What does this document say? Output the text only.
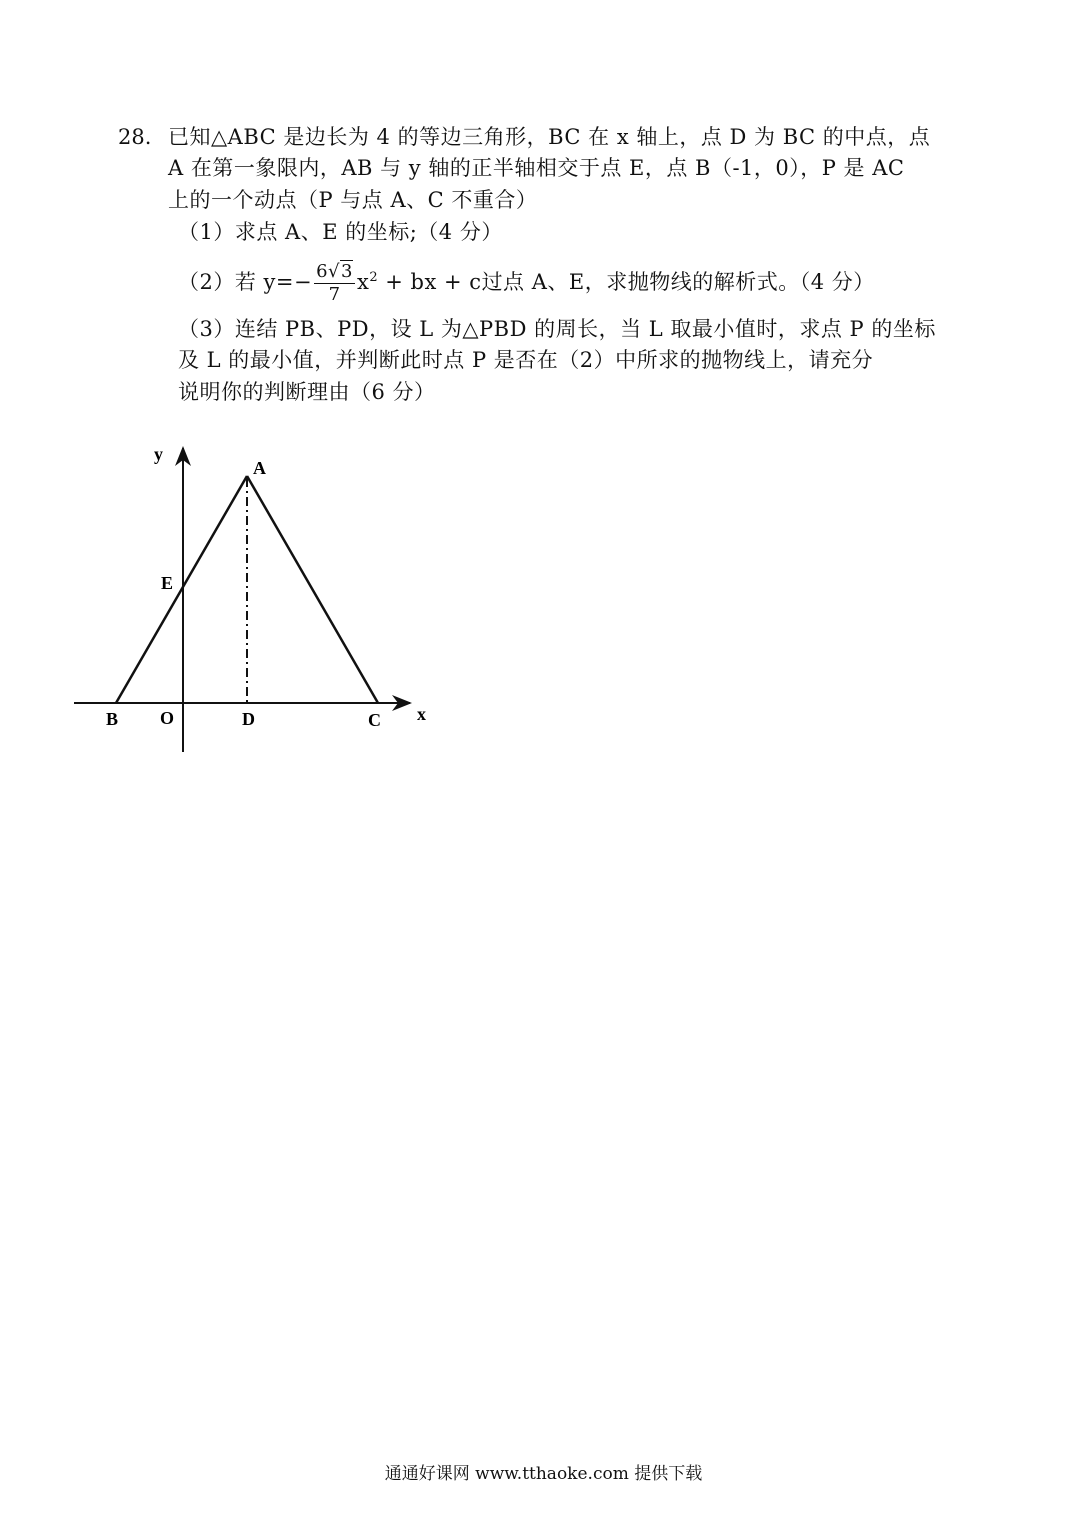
28. 已知△ABC 是边长为 4 的等边三角形，BC 在 x 轴上，点 D 为 BC 的中点，点
A 在第一象限内，AB 与 y 轴的正半轴相交于点 E，点 B（-1，0），P 是 AC
上的一个动点（P 与点 A、C 不重合）
（1）求点 A、E 的坐标;（4 分）
（2）若 $y=- \frac{6√3}{7} x^2$ + bx + c过点 A、E，求抛物线的解析式。（4 分）
（3）连结 PB、PD，设 L 为△PBD 的周长，当 L 取最小值时，求点 P 的坐标
及 L 的最小值，并判断此时点 P 是否在（2）中所求的抛物线上，请充分
说明你的判断理由（6 分）
y
A
E
B O	D	C x
通通好课网 www.tthaoke.com 提供下载
